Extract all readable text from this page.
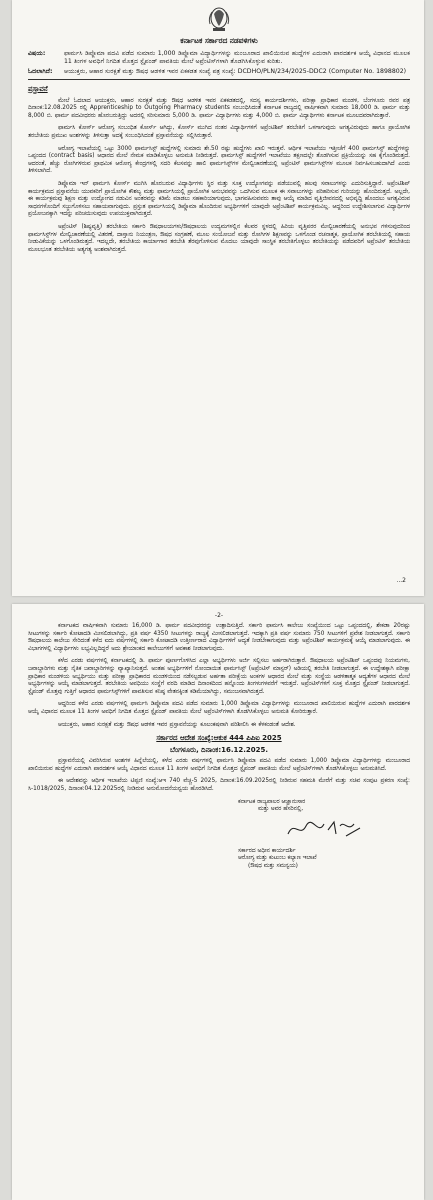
ಕರ್ನಾಟಕ ಸರ್ಕಾರದ ನಡವಳಿಗಳು
ವಿಷಯ:	ಫಾರ್ಮಸಿ ಡಿಪ್ಲೊಮಾ ಪದವಿ ಪಡೆದ ಸುಮಾರು 1,000 ಡಿಪ್ಲೊಮಾ ವಿದ್ಯಾರ್ಥಿಗಳನ್ನು ಮಂಜೂರಾದ ಖಾಲಿಯಿರುವ ಹುದ್ದೆಗಳ ಎದುರಾಗಿ ಪಾರದರ್ಶಕ ಆಯ್ಕೆ ವಿಧಾನದ ಮೂಲಕ 11 ತಿಂಗಳ ಅವಧಿಗೆ ನಿಗದಿತ ಮೊತ್ತದ ಸ್ಟೈಪಂಡ್ ಪಾವತಿಯ ಮೇಲೆ ಅಪ್ರೆಂಟಿಸ್‌ಗಳಾಗಿ ತೊಡಗಿಸಿಕೊಳ್ಳುವ ಕುರಿತು.
ಓದಲಾಗಿದೆ:	ಆಯುಕ್ತರು, ಆಹಾರ ಸುರಕ್ಷತೆ ಮತ್ತು ಔಷಧ ಆಡಳಿತ ಇವರ ಏಕಕಡತ ಸಂಖ್ಯೆ ಪತ್ರ ಸಂಖ್ಯೆ: DCDHO/PLN/234/2025-DDC2 (Computer No. 1898802)
ಪ್ರಸ್ತಾವನೆ

ಮೇಲೆ ಓದಲಾದ ಆಯುಕ್ತರು, ಆಹಾರ ಸುರಕ್ಷತೆ ಮತ್ತು ಔಷಧ ಆಡಳಿತ ಇವರ ಏಕಕಡತದಲ್ಲಿ, ಸದಸ್ಯ ಕಾರ್ಯದರ್ಶಿಗಳು, ಪರೀಕ್ಷಾ ಪ್ರಾಧಿಕಾರ ಮಂಡಳಿ, ಬೆಂಗಳೂರು ರವರ ಪತ್ರ ದಿನಾಂಕ:12.08.2025 ರಲ್ಲಿ Apprenticeship to Outgoing Pharmacy students ಸಂಬಂಧಿಸಿದಂತೆ ಕರ್ನಾಟಕ ರಾಜ್ಯದಲ್ಲಿ ವಾರ್ಷಿಕವಾಗಿ ಸುಮಾರು 18,000 ಡಿ. ಫಾರ್ಮ ಮತ್ತು 8,000 ಬಿ. ಫಾರ್ಮ ಪದವೀಧರರು ಹೊರಬರುತ್ತಿದ್ದು ಅದರಲ್ಲಿ ಸರಿಸುಮಾರು 5,000 ಡಿ. ಫಾರ್ಮ ವಿದ್ಯಾರ್ಥಿಗಳು ಮತ್ತು 4,000 ಬಿ. ಫಾರ್ಮ ವಿದ್ಯಾರ್ಥಿಗಳು ಕರ್ನಾಟಕ ಮೂಲದವರಾಗಿರುತ್ತಾರೆ.

ಫಾರ್ಮಸಿ ಕೋರ್ಸ್ ಆರೋಗ್ಯ ಸಂಬಂಧಿತ ಕೋರ್ಸ್ ಆಗಿದ್ದು, ಕೋರ್ಸ್ ಮುಗಿದ ನಂತರ ವಿದ್ಯಾರ್ಥಿಗಳಿಗೆ ಅಪ್ರೆಂಟಿಶಿಪ್ ತರಬೇತಿಗೆ ಒಳಗಾಗುವುದು ಅಗತ್ಯವಿರುವುದು ಹಾಗೂ ಪ್ರಾಯೋಗಿಕ ತರಬೇತಿಯ ಪ್ರಮುಖ ಅಂಶಗಳನ್ನು ತಿಳಿಸುತ್ತಾ ಅದಕ್ಕೆ ಸಂಬಂಧಿಸಿದಂತೆ ಪ್ರಸ್ತಾವನೆಯನ್ನು ಸಲ್ಲಿಸಿರುತ್ತಾರೆ.

ಆರೋಗ್ಯ ಇಲಾಖೆಯಲ್ಲಿ ಒಟ್ಟು 3000 ಫಾರ್ಮಸಿಸ್ಟ್ ಹುದ್ದೆಗಳಲ್ಲಿ ಸುಮಾರು ಶೇ.50 ರಷ್ಟು ಹುದ್ದೆಗಳು ಖಾಲಿ ಇರುತ್ತವೆ. ಆರ್ಥಿಕ ಇಲಾಖೆಯು ಇತ್ತೀಚೆಗೆ 400 ಫಾರ್ಮಸಿಸ್ಟ್ ಹುದ್ದೆಗಳನ್ನು ಒಪ್ಪಂದದ (contract basis) ಆಧಾರದ ಮೇಲೆ ನೇಮಕ ಮಾಡಿಕೊಳ್ಳಲು ಅನುಮತಿ ನೀಡಿರುತ್ತದೆ. ಫಾರ್ಮಸಿಸ್ಟ್ ಹುದ್ದೆಗಳಿಗೆ ಇಲಾಖೆಯು ತಕ್ಷಣದಲ್ಲೇ ತೊಡಗಿಸುವ ಪ್ರಕ್ರಿಯೆಯನ್ನು ಸಹ ಕೈಗೊಂಡಿರುತ್ತದೆ. ಆದರಂತೆ, ಹೆಚ್ಚು ರೋಗಿಗಳಿರುವ ಪ್ರಾಥಮಿಕ ಆರೋಗ್ಯ ಕೇಂದ್ರಗಳಲ್ಲಿ ಸದರಿ ಕೆಲಸವನ್ನು ಹಾಲಿ ಫಾರ್ಮಸಿಸ್ಟ್‌ಗಳ ಮೇಲ್ವಿಚಾರಣೆಯಲ್ಲಿ ಅಪ್ರೆಂಟಿಸ್ ಫಾರ್ಮಸಿಸ್ಟ್‌ಗಳ ಮೂಲಕ ನಿರ್ವಹಿಸಬಹುದಾಗಿದೆ ಎಂದು ತಿಳಿಸಲಾಗಿದೆ.

ಡಿಪ್ಲೊಮಾ ಇನ್ ಫಾರ್ಮಸಿ ಕೋರ್ಸ್ ಮುಗಿಸಿ ಹೊರಬರುವ ವಿದ್ಯಾರ್ಥಿಗಳು ಸ್ಥಿರ ಮತ್ತು ಸೂಕ್ತ ಉದ್ಯೋಗವನ್ನು ಪಡೆಯುವಲ್ಲಿ ಹಲವು ಸವಾಲುಗಳನ್ನು ಎದುರಿಸುತ್ತಿದ್ದಾರೆ. ಅಪ್ರೆಂಟಿಶಿಪ್ ಕಾರ್ಯಕ್ರಮದ ಪ್ರಸ್ತಾವನೆಯ ಯುವಕರಿಗೆ ಪ್ರಾಯೋಗಿಕ ಕೌಶಲ್ಯ ಮತ್ತು ಫಾರ್ಮಸಿಯಲ್ಲಿ ಪ್ರಾಯೋಗಿಕ ಅನುಭವವನ್ನು ಒದಗಿಸುವ ಮೂಲಕ ಈ ಸವಾಲುಗಳನ್ನು ಪರಿಹರಿಸುವ ಗುರಿಯನ್ನು ಹೊಂದಿರುತ್ತದೆ. ಅಲ್ಲದೇ, ಈ ಕಾರ್ಯಕ್ರಮವು ಶಿಕ್ಷಣ ಮತ್ತು ಉದ್ಯೋಗದ ನಡುವಿನ ಅಂತರವನ್ನು ಕಡಿಮೆ ಮಾಡಲು ಸಹಕಾರಿಯಾಗುವುದು, ಭಾಗವಹಿಸುವವರು ತಾವು ಆಯ್ಕೆ ಮಾಡಿದ ವೃತ್ತಿಜೀವನದಲ್ಲಿ ಅಭಿವೃದ್ಧಿ ಹೊಂದಲು ಅಗತ್ಯವಿರುವ ಸಾಧನಗಳೊಂದಿಗೆ ಸಜ್ಜುಗೊಳಿಸಲು ಸಹಾಯವಾಗುವುದು. ಪ್ರಸ್ತುತ ಫಾರ್ಮಸಿಯಲ್ಲಿ ಡಿಪ್ಲೊಮಾ ಹೊಂದಿರುವ ಅಭ್ಯರ್ಥಿಗಳಿಗೆ ಯಾವುದೇ ಅಪ್ರೆಂಟಿಶಿಪ್ ಕಾರ್ಯಕ್ರಮವಿಲ್ಲ. ಆದ್ದರಿಂದ ಉದ್ದೇಶಿಸಲಾಗುವ ವಿದ್ಯಾರ್ಥಿಗಳ ಪ್ರಯೋಜನಕ್ಕಾಗಿ ಇದನ್ನು ಪರಿಚಯಿಸುವುದು ಉಪಯುಕ್ತವಾಗಿರುತ್ತದೆ.

ಅಪ್ರೆಂಟಿಸ್ (ಶಿಷ್ಯವೃತ್ತಿ) ತರಬೇತಿಯ ಸರ್ಕಾರಿ ಔಷಧಾಲಯಗಳು/ಔಷಧಾಲಯ ಉದ್ಯಮಗಳಲ್ಲಿನ ಕೆಲವರ ಸ್ಥಳದಲ್ಲಿ ಹಿರಿಯ ವೃತ್ತಿಪರರ ಮೇಲ್ವಿಚಾರಣೆಯಲ್ಲಿ ಅನುಭವ ಗಳಿಸುವುದರಿಂದ ಫಾರ್ಮಸಿಸ್ಟ್‌ಗಳ ಮೇಲ್ವಿಚಾರಣೆಯಲ್ಲಿ ವಿತರಣೆ, ದಾಸ್ತಾನು ನಿಯಂತ್ರಣ, ಔಷಧ ಸಂಗ್ರಹಣೆ, ಮೂಲ ಸಂಯೋಜನೆ ಮತ್ತು ರೋಗಿಗಳ ಶಿಕ್ಷಣವನ್ನು ಒಳಗೊಂಡ ರಚನಾತ್ಮಕ, ಪ್ರಾಯೋಗಿಕ ತರಬೇತಿಯಲ್ಲಿ ಸಹಾಯ ನೀಡುವಿಕೆಯನ್ನು ಒಳಗೊಂಡಿರುತ್ತದೆ. ಇದಲ್ಲದೇ, ತರಬೇತಿಯ ಕಾರ್ಯಾಗಾರ ತರಬೇತಿ ತೆರವುಗೊಳಿಸುವ ಮೊದಲು ಯಾವುದೇ ಸಾಂಸ್ಥಿಕ ತರಬೇತಿಗೊಳ್ಳಲು ತರಬೇತಿಯನ್ನು ಪಡೆದವರಿಗೆ ಅಪ್ರೆಂಟಿಸ್ ತರಬೇತಿಯ ಮೂಲಭೂತ ತರಬೇತಿಯ ಅತ್ಯಗತ್ಯ ಅಂಶವಾಗಿರುತ್ತದೆ.

...2
-2-

ಕರ್ನಾಟಕದ ವಾರ್ಷಿಕವಾಗಿ ಸುಮಾರು 16,000 ಡಿ. ಫಾರ್ಮ ಪದವೀಧರರನ್ನು ಉತ್ಪಾದಿಸುತ್ತಿದೆ. ಸರ್ಕಾರಿ ಫಾರ್ಮಸಿ ಕಾಲೇಜು ಸಂಖ್ಯೆಯಿಂದ ಒಟ್ಟು ಒಪ್ಪಂದದಲ್ಲಿ, ಶೇಕಡಾ 20ರಷ್ಟು ಸೀಟುಗಳನ್ನು ಸರ್ಕಾರಿ ಕೋಟಾದಡಿ ಮೀಸಲಿಡಲಾಗಿದ್ದು, ಪ್ರತಿ ವರ್ಷ 4350 ಸೀಟುಗಳನ್ನು ರಾಜ್ಯಕ್ಕೆ ಮೀಸಲಿಡಲಾಗುತ್ತದೆ. ಇದಕ್ಕಾಗಿ ಪ್ರತಿ ವರ್ಷ ಸುಮಾರು 750 ಸೀಟುಗಳಿಗೆ ಪ್ರವೇಶ ನೀಡಲಾಗುತ್ತದೆ. ಸರ್ಕಾರಿ ಔಷಧಾಲಯ ಕಾಲೇಜು ಸೇರಿದಂತೆ ಕಳೆದ ಐದು ವರ್ಷಗಳಲ್ಲಿ ಸರ್ಕಾರಿ ಕೋಟಾದಡಿ ಉತ್ತೀರ್ಣರಾದ ವಿದ್ಯಾರ್ಥಿಗಳಿಗೆ ಆದ್ಯತೆ ನೀಡಬೇಕಾಗುವುದು ಮತ್ತು ಅಪ್ರೆಂಟಿಶಿಪ್ ಕಾರ್ಯಕ್ರಮಕ್ಕೆ ಆಯ್ಕೆ ಮಾಡಲಾಗುವುದು. ಈ ವಿಭಾಗಗಳಲ್ಲಿ ವಿದ್ಯಾರ್ಥಿಗಳು ಲಭ್ಯವಿಲ್ಲದಿದ್ದರೆ ಅದು ಶ್ರೇಯಾಂಕದ ಕಾಲೇಜುಗಳಿಗೆ ಅವಕಾಶ ನೀಡಲಾಗುವುದು.

ಕಳೆದ ಎರಡು ವರ್ಷಗಳಲ್ಲಿ ಕರ್ನಾಟಕದಲ್ಲಿ ಡಿ. ಫಾರ್ಮ ಪೂರ್ಣಗೊಳಿಸಿದ ಎಲ್ಲಾ ಅಭ್ಯರ್ಥಿಗಳು ಅರ್ಜಿ ಸಲ್ಲಿಸಲು ಅರ್ಹರಾಗಿರುತ್ತಾರೆ. ಔಷಧಾಲಯ ಅಪ್ರೆಂಟಿಶಿಪ್ ಒಪ್ಪಂದವು ನಿಯಮಗಳು, ಜವಾಬ್ದಾರಿಗಳು ಮತ್ತು ನೈತಿಕ ಜವಾಬ್ದಾರಿಗಳನ್ನು ವ್ಯಾಖ್ಯಾನಿಸುತ್ತದೆ. ಅಂತಹ ಅಭ್ಯರ್ಥಿಗಳಿಗೆ ನೋಂದಾಯಿತ ಫಾರ್ಮಸಿಸ್ಟ್ (ಅಪ್ರೆಂಟಿಸ್ ಮಾಸ್ಟರ್) ಅಡಿಯಲ್ಲಿ ತರಬೇತಿ ನೀಡಲಾಗುತ್ತದೆ. ಈ ಉದ್ದೇಶಕ್ಕಾಗಿ ಪರೀಕ್ಷಾ ಪ್ರಾಧಿಕಾರ ಮಂಡಳಿಯ ಅಭ್ಯರ್ಥಿಯು ಮತ್ತು ಪರೀಕ್ಷಾ ಪ್ರಾಧಿಕಾರದ ಮಂಡಳಿಯಿಂದ ನಡೆಸಲ್ಪಡುವ ಅರ್ಹತಾ ಪರೀಕ್ಷೆಯ ಅಂಕಗಳ ಆಧಾರದ ಮೇಲೆ ಮತ್ತು ಸಂಸ್ಥೆಯ ಆಡಳಿತಾತ್ಮಕ ಆದ್ಯತೆಗಳ ಆಧಾರದ ಮೇಲೆ ಅಭ್ಯರ್ಥಿಗಳನ್ನು ಆಯ್ಕೆ ಮಾಡಲಾಗುತ್ತದೆ. ತರಬೇತಿಯ ಅವಧಿಯು ಸಂಸ್ಥೆಗೆ ವರದಿ ಮಾಡಿದ ದಿನಾಂಕದಿಂದ ಹನ್ನೊಂದು ತಿಂಗಳುಗಳವರೆಗೆ ಇರುತ್ತದೆ. ಅಪ್ರೆಂಟಿಸ್‌ಗಳಿಗೆ ಸೂಕ್ತ ಮೊತ್ತದ ಸ್ಟೈಪಂಡ್ ನೀಡಲಾಗುತ್ತದೆ. ಸ್ಟೈಪಂಡ್ ಮೊತ್ತವು ಗುತ್ತಿಗೆ ಆಧಾರದ ಫಾರ್ಮಸಿಸ್ಟ್‌ಗಳಿಗೆ ಪಾವತಿಸುವ ಕನಿಷ್ಠ ವೇತನಕ್ಕಿಂತ ಕಡಿಮೆಯಾಗಿದ್ದು, ಸಮಂಜಸವಾಗಿರುತ್ತದೆ.

ಆದ್ದರಿಂದ ಕಳೆದ ಎರಡು ವರ್ಷಗಳಲ್ಲಿ ಫಾರ್ಮಸಿ ಡಿಪ್ಲೊಮಾ ಪದವಿ ಪಡೆದ ಸುಮಾರು 1,000 ಡಿಪ್ಲೊಮಾ ವಿದ್ಯಾರ್ಥಿಗಳನ್ನು ಮಂಜೂರಾದ ಖಾಲಿಯಿರುವ ಹುದ್ದೆಗಳ ಎದುರಾಗಿ ಪಾರದರ್ಶಕ ಆಯ್ಕೆ ವಿಧಾನದ ಮೂಲಕ 11 ತಿಂಗಳ ಅವಧಿಗೆ ನಿಗದಿತ ಮೊತ್ತದ ಸ್ಟೈಪಂಡ್ ಪಾವತಿಯ ಮೇಲೆ ಅಪ್ರೆಂಟಿಸ್‌ಗಳಾಗಿ ತೊಡಗಿಸಿಕೊಳ್ಳಲು ಅನುಮತಿ ಕೋರಿರುತ್ತಾರೆ.

ಆಯುಕ್ತರು, ಆಹಾರ ಸುರಕ್ಷತೆ ಮತ್ತು ಔಷಧ ಆಡಳಿತ ಇವರ ಪ್ರಸ್ತಾವನೆಯನ್ನು ಕೂಲಂಕಷವಾಗಿ ಪರಿಶೀಲಿಸಿ ಈ ಕೆಳಕಂಡಂತೆ ಆದೇಶ.

ಸರ್ಕಾರದ ಆದೇಶ ಸಂಖ್ಯೆ:ಆಕುಕ 444 ಪಿಪಿಐ 2025
ಬೆಂಗಳೂರು, ದಿನಾಂಕ:16.12.2025.

ಪ್ರಸ್ತಾವನೆಯಲ್ಲಿ ವಿವರಿಸಿರುವ ಅಂಶಗಳ ಹಿನ್ನೆಲೆಯಲ್ಲಿ, ಕಳೆದ ಎರಡು ವರ್ಷಗಳಲ್ಲಿ ಫಾರ್ಮಸಿ ಡಿಪ್ಲೊಮಾ ಪದವಿ ಪಡೆದ ಸುಮಾರು 1,000 ಡಿಪ್ಲೊಮಾ ವಿದ್ಯಾರ್ಥಿಗಳನ್ನು ಮಂಜೂರಾದ ಖಾಲಿಯಿರುವ ಹುದ್ದೆಗಳ ಎದುರಾಗಿ ಪಾರದರ್ಶಕ ಆಯ್ಕೆ ವಿಧಾನದ ಮೂಲಕ 11 ತಿಂಗಳ ಅವಧಿಗೆ ನಿಗದಿತ ಮೊತ್ತದ ಸ್ಟೈಪಂಡ್ ಪಾವತಿಯ ಮೇಲೆ ಅಪ್ರೆಂಟಿಸ್‌ಗಳಾಗಿ ತೊಡಗಿಸಿಕೊಳ್ಳಲು ಅನುಮತಿಸಿದೆ.

ಈ ಆದೇಶವನ್ನು ಆರ್ಥಿಕ ಇಲಾಖೆಯ ಟಿಪ್ಪಣಿ ಸಂಖ್ಯೆ:ಆಇ 740 ವೆಚ್ಚ-5 2025, ದಿನಾಂಕ:16.09.2025ರಲ್ಲಿ ನೀಡಿರುವ ಸಹಮತಿ ಮೇರೆಗೆ ಮತ್ತು ಸಚಿವ ಸಂಪುಟ ಪ್ರಕರಣ ಸಂಖ್ಯೆ: ಸಿ-1018/2025, ದಿನಾಂಕ:04.12.2025ರಲ್ಲಿ ನೀಡಿರುವ ಅನುಮೋದನೆಯನ್ವಯ ಹೊರಡಿಸಿದೆ.

ಕರ್ನಾಟಕ ರಾಜ್ಯಪಾಲರ ಆಜ್ಞಾನುಸಾರ
ಮತ್ತು ಅವರ ಹೆಸರಿನಲ್ಲಿ,
ಸರ್ಕಾರದ ಅಧೀನ ಕಾರ್ಯದರ್ಶಿ
ಆರೋಗ್ಯ ಮತ್ತು ಕುಟುಂಬ ಕಲ್ಯಾಣ ಇಲಾಖೆ
(ಔಷಧ ಮತ್ತು ಸಮನ್ವಯ)
